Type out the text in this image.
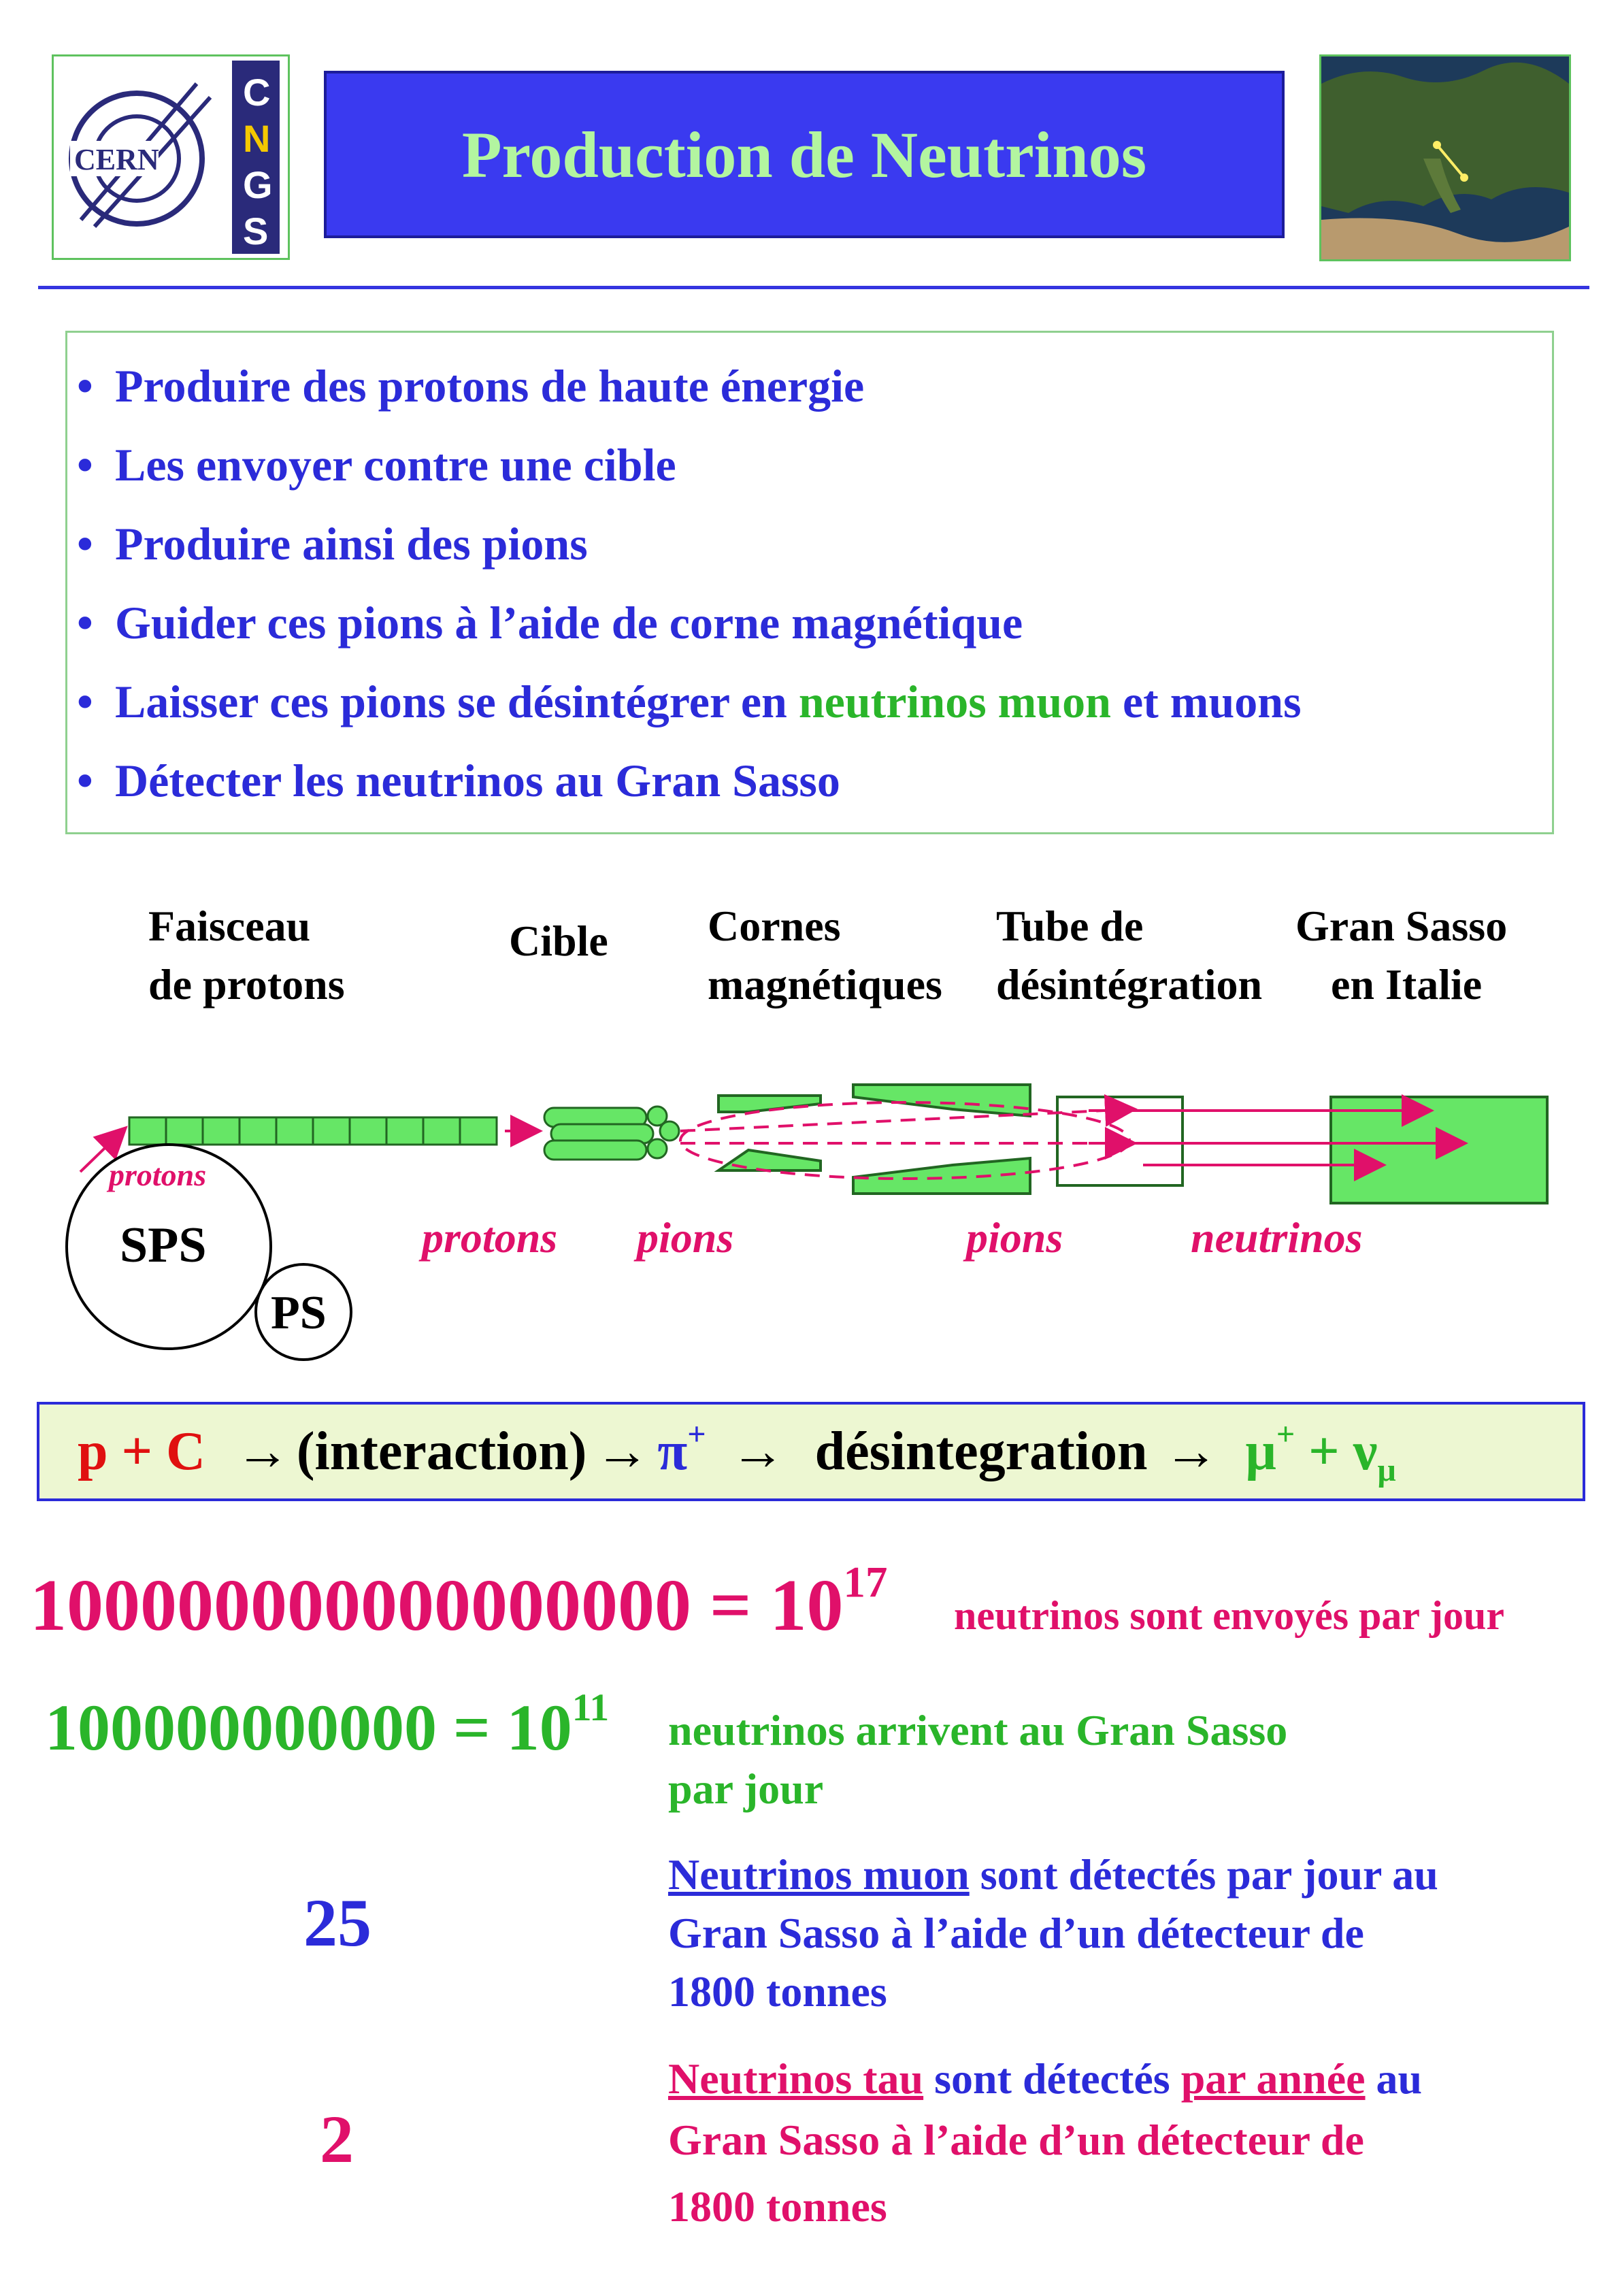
CERN
C
N
G
S
Production de Neutrinos
• Produire des protons de haute énergie
• Les envoyer contre une cible
• Produire ainsi des pions
• Guider ces pions à l’aide de corne magnétique
• Laisser ces pions se désintégrer en neutrinos muon et muons
• Détecter les neutrinos au Gran Sasso
Faisceau
de protons
Cible Cornes
magnétiques
Tube de
désintégration
Gran Sasso
en Italie
protons
SPS
PS
protons pions	pions	neutrinos
p + C → (interaction) → π+ → désintegration → $\mu^+ + \nu_\mu$
$100000000000000000 = 10^{17}$
neutrinos sont envoyés par jour
$100000000000 = 10^{11}$ neutrinos arrivent au Gran Sasso
par jour
25
Neutrinos muon sont détectés par jour au
Gran Sasso à l’aide d’un détecteur de
1800 tonnes
2
Neutrinos tau sont détectés par année au
Gran Sasso à l’aide d’un détecteur de
1800 tonnes
